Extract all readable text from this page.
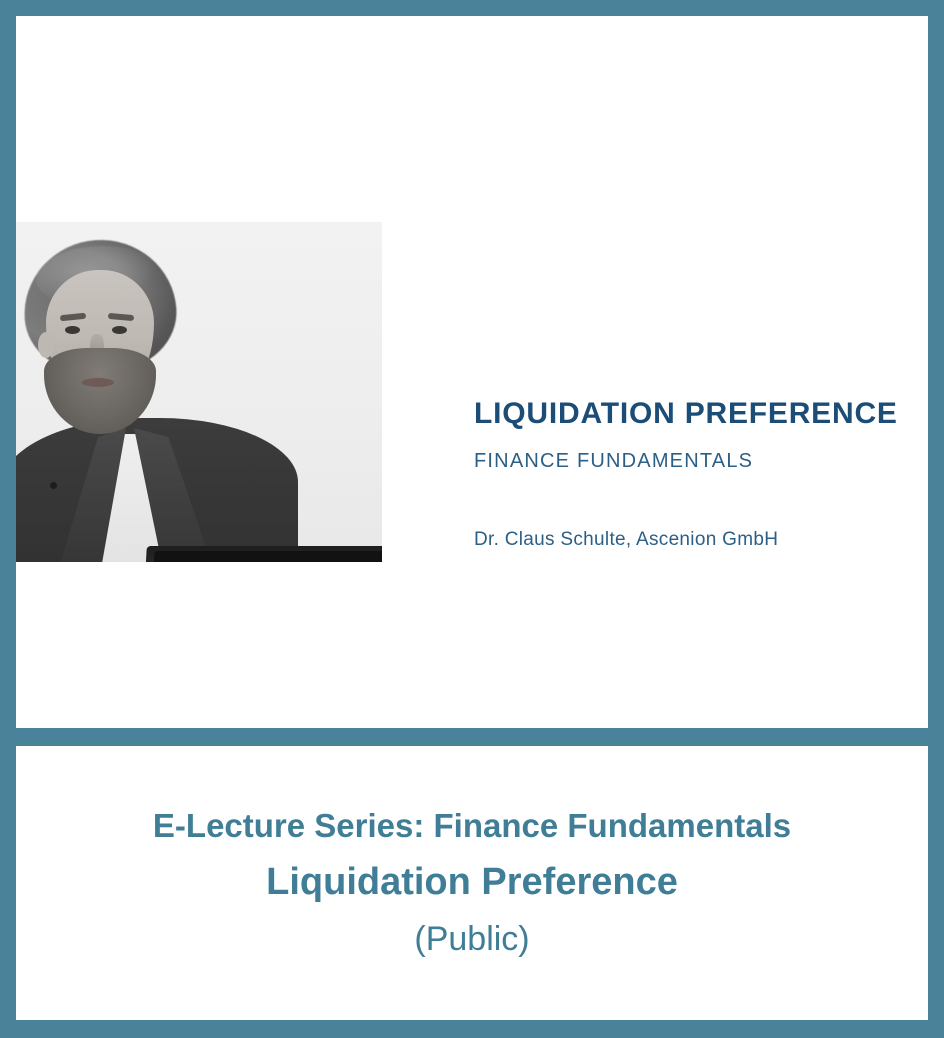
LIQUIDATION PREFERENCE
FINANCE FUNDAMENTALS
Dr. Claus Schulte, Ascenion GmbH
E-Lecture Series: Finance Fundamentals
Liquidation Preference
(Public)
